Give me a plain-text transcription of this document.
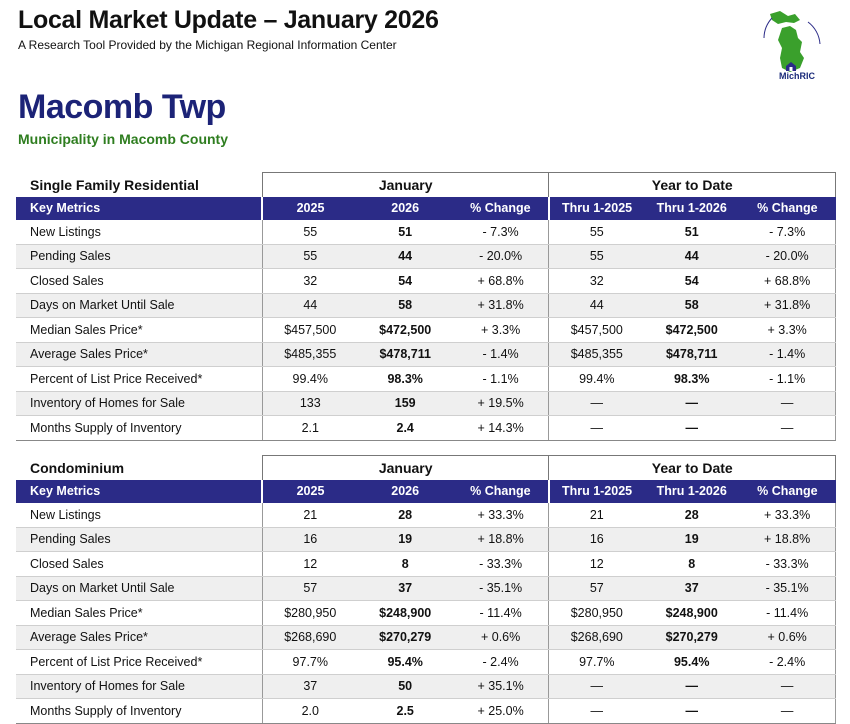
Local Market Update – January 2026
A Research Tool Provided by the Michigan Regional Information Center
MichRIC
Macomb Twp
Municipality in Macomb County
Single Family Residential	January			Year to Date		
Key Metrics	2025	2026	% Change	Thru 1-2025	Thru 1-2026	% Change
New Listings	55	51	- 7.3%	55	51	- 7.3%
Pending Sales	55	44	- 20.0%	55	44	- 20.0%
Closed Sales	32	54	+ 68.8%	32	54	+ 68.8%
Days on Market Until Sale	44	58	+ 31.8%	44	58	+ 31.8%
Median Sales Price*	$457,500	$472,500	+ 3.3%	$457,500	$472,500	+ 3.3%
Average Sales Price*	$485,355	$478,711	- 1.4%	$485,355	$478,711	- 1.4%
Percent of List Price Received*	99.4%	98.3%	- 1.1%	99.4%	98.3%	- 1.1%
Inventory of Homes for Sale	133	159	+ 19.5%	—	—	—
Months Supply of Inventory	2.1	2.4	+ 14.3%	—	—	—
Condominium	January			Year to Date		
Key Metrics	2025	2026	% Change	Thru 1-2025	Thru 1-2026	% Change
New Listings	21	28	+ 33.3%	21	28	+ 33.3%
Pending Sales	16	19	+ 18.8%	16	19	+ 18.8%
Closed Sales	12	8	- 33.3%	12	8	- 33.3%
Days on Market Until Sale	57	37	- 35.1%	57	37	- 35.1%
Median Sales Price*	$280,950	$248,900	- 11.4%	$280,950	$248,900	- 11.4%
Average Sales Price*	$268,690	$270,279	+ 0.6%	$268,690	$270,279	+ 0.6%
Percent of List Price Received*	97.7%	95.4%	- 2.4%	97.7%	95.4%	- 2.4%
Inventory of Homes for Sale	37	50	+ 35.1%	—	—	—
Months Supply of Inventory	2.0	2.5	+ 25.0%	—	—	—
